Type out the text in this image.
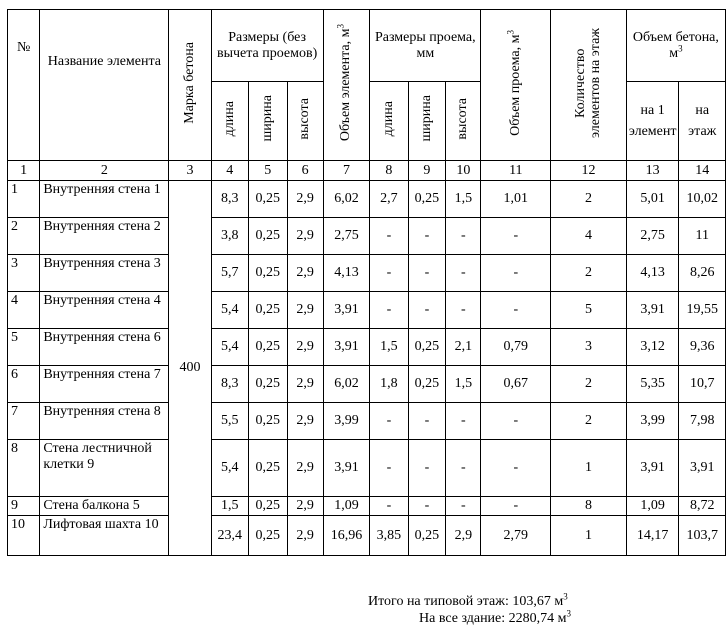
№	Название элемента	Марка бетона	Размеры (без вычета проемов)			Объем элемента, $м^3$	Размеры проема, мм			Объем проема, $м^3$	Количество элементов на этаж	Объем бетона, $м^3$
			длина	ширина	высота		длина	ширина	высота			на 1 элемент	на этаж
1	2	3	4	5	6	7	8	9	10	11	12	13	14
1	Внутренняя стена 1	400	8,3	0,25	2,9	6,02	2,7	0,25	1,5	1,01	2	5,01	10,02
2	Внутренняя стена 2		3,8	0,25	2,9	2,75	-	-	-	-	4	2,75	11
3	Внутренняя стена 3		5,7	0,25	2,9	4,13	-	-	-	-	2	4,13	8,26
4	Внутренняя стена 4		5,4	0,25	2,9	3,91	-	-	-	-	5	3,91	19,55
5	Внутренняя стена 6		5,4	0,25	2,9	3,91	1,5	0,25	2,1	0,79	3	3,12	9,36
6	Внутренняя стена 7		8,3	0,25	2,9	6,02	1,8	0,25	1,5	0,67	2	5,35	10,7
7	Внутренняя стена 8		5,5	0,25	2,9	3,99	-	-	-	-	2	3,99	7,98
8	Стена лестничной клетки 9		5,4	0,25	2,9	3,91	-	-	-	-	1	3,91	3,91
9	Стена балкона 5		1,5	0,25	2,9	1,09	-	-	-	-	8	1,09	8,72
10	Лифтовая шахта 10		23,4	0,25	2,9	16,96	3,85	0,25	2,9	2,79	1	14,17	103,7
Итого на типовой этаж: 103,67 $м^3$
На все здание: 2280,74 $м^3$
